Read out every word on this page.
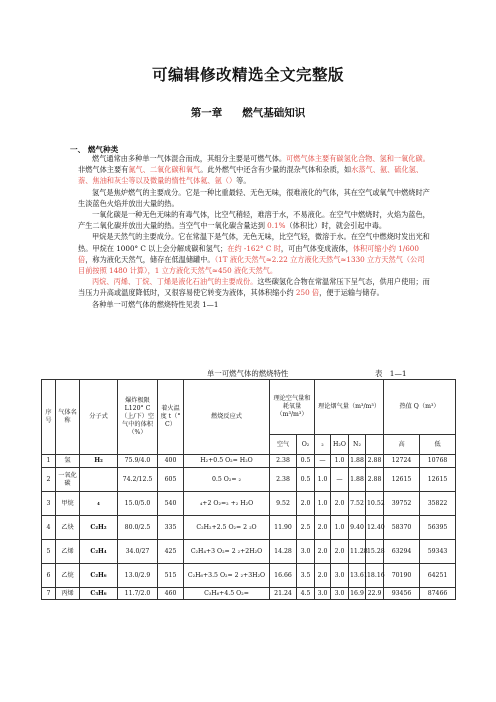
可编辑修改精选全文完整版
第一章 燃气基础知识
一、 燃气种类

燃气通常由多种单一气体混合而成，其组分主要是可燃气体。可燃气体主要有碳氢化合物、氢和一氧化碳。非燃气体主要有氮气、二氧化碳和氧气。此外燃气中还含有少量的混杂气体和杂质，如水蒸气、氨、硫化氢、萘、焦油和灰尘等以及微量的惰性气体氦、氩（）等。

氢气是焦炉燃气的主要成分。它是一种比重最轻、无色无味，很难液化的气体，其在空气或氧气中燃烧时产生淡蓝色火焰并放出大量的热。

一氧化碳是一种无色无味的有毒气体，比空气稍轻，难溶于水，不易液化。在空气中燃烧时，火焰为蓝色，产生二氧化碳并放出大量的热。当空气中一氧化碳含量达到 0.1%（体积比）时，就会引起中毒。

甲烷是天然气的主要成分。它在常温下是气体，无色无味，比空气轻，微溶于水。在空气中燃烧时发出光和热。甲烷在 1000° C 以上会分解成碳和氢气；在约 -162° C 时，可由气体变成液体，体积可缩小约 1/600 倍，称为液化天然气，储存在低温储罐中。（1T 液化天然气≈2.22 立方液化天然气≈1330 立方天然气（公司目前按照 1480 计算），1 立方液化天然气≈450 液化天然气。

丙烷、丙烯、丁烷、丁烯是液化石油气的主要成份。这些碳氢化合物在常温常压下呈气态，供用户使用；而当压力升高或温度降低时，又很容易使它转变为液体，其体积缩小约 250 倍，便于运输与储存。

各种单一可燃气体的燃烧特性见表 1—1

单一可燃气体的燃烧特性	表　1—1
序号	气体名称	分子式	爆炸极限 L120° C（上/下）空气中的体积（%）	着火温度 t（° C）	燃烧反应式	理论空气量和耗氧量（m³/m³）		理论烟气量（m³/m³）				热值 Q（m³）	
						空气	O₂	₂	H₂O	N₂		高	低
1	氢	H₂	75.9/4.0	400	H₂+0.5 O₂= H₂O	2.38	0.5	—	1.0	1.88	2.88	12724	10768
2	一氧化碳		74.2/12.5	605	0.5 O₂= ₂	2.38	0.5	1.0	—	1.88	2.88	12615	12615
3	甲烷	₄	15.0/5.0	540	₄+2 O₂=₂ +₂ H₂O	9.52	2.0	1.0	2.0	7.52	10.52	39752	35822
4	乙炔	C₂H₂	80.0/2.5	335	C₂H₂+2.5 O₂= 2 ₂O	11.90	2.5	2.0	1.0	9.40	12.40	58370	56395
5	乙烯	C₂H₄	34.0/27	425	C₂H₄+3 O₂= 2 ₂+2H₂O	14.28	3.0	2.0	2.0	11.28	15.28	63294	59343
6	乙烷	C₂H₆	13.0/2.9	515	C₂H₆+3.5 O₂= 2 ₂+3H₂O	16.66	3.5	2.0	3.0	13.61	18.16	70190	64251
7	丙烯	C₃H₆	11.7/2.0	460	C₃H₆+4.5 O₂=	21.24	4.5	3.0	3.0	16.9	22.9	93456	87466
